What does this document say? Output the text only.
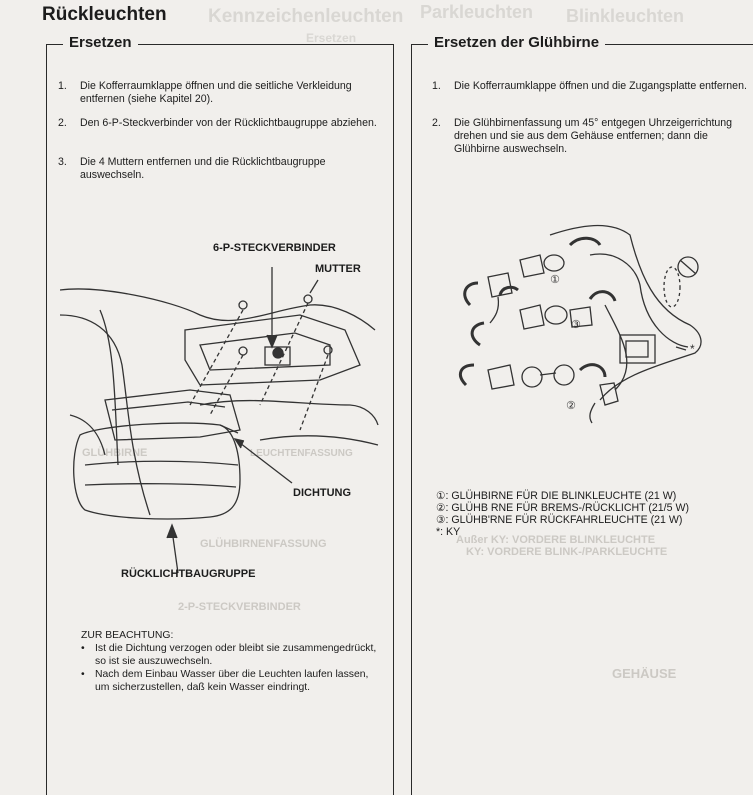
Kennzeichenleuchten Parkleuchten Blinkleuchten
Ersetzen
GLÜHBIRNE	LEUCHTENFASSUNG
GLÜHBIRNENFASSUNG
2-P-STECKVERBINDER
Außer KY: VORDERE BLINKLEUCHTE
KY: VORDERE BLINK-/PARKLEUCHTE
GEHÄUSE
Rückleuchten
Ersetzen
1. Die Kofferraumklappe öffnen und die seitliche Verkleidung entfernen (siehe Kapitel 20).
2. Den 6-P-Steckverbinder von der Rücklichtbaugruppe abziehen.
3. Die 4 Muttern entfernen und die Rücklichtbaugruppe auswechseln.
6-P-STECKVERBINDER
MUTTER
DICHTUNG
RÜCKLICHTBAUGRUPPE
ZUR BEACHTUNG:
• Ist die Dichtung verzogen oder bleibt sie zusammengedrückt, so ist sie auszuwechseln.
• Nach dem Einbau Wasser über die Leuchten laufen lassen, um sicherzustellen, daß kein Wasser eindringt.
Ersetzen der Glühbirne
1. Die Kofferraumklappe öffnen und die Zugangsplatte entfernen.
2. Die Glühbirnenfassung um 45° entgegen Uhrzeigerrichtung drehen und sie aus dem Gehäuse entfernen; dann die Glühbirne auswechseln.
*
①
②
③
①: GLÜHBIRNE FÜR DIE BLINKLEUCHTE (21 W)
②: GLÜHB RNE FÜR BREMS-/RÜCKLICHT (21/5 W)
③: GLÜHB'RNE FÜR RÜCKFAHRLEUCHTE (21 W)
*: KY
